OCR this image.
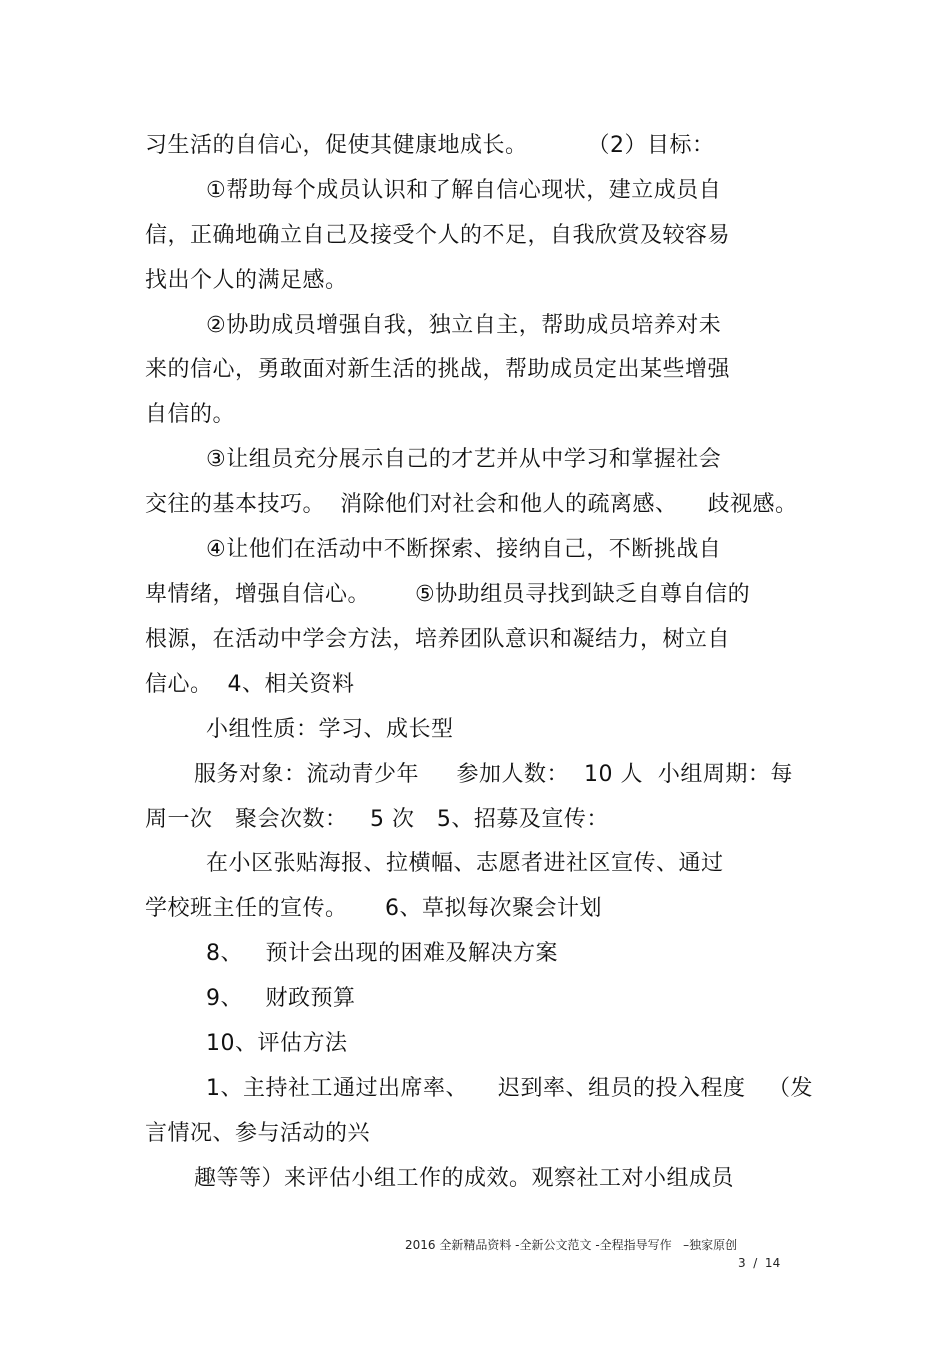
习生活的自信心，促使其健康地成长。        （2）目标：
①帮助每个成员认识和了解自信心现状，建立成员自
信，正确地确立自己及接受个人的不足，自我欣赏及较容易
找出个人的满足感。
②协助成员增强自我，独立自主，帮助成员培养对未
来的信心，勇敢面对新生活的挑战，帮助成员定出某些增强
自信的。
③让组员充分展示自己的才艺并从中学习和掌握社会
交往的基本技巧。  消除他们对社会和他人的疏离感、    歧视感。
④让他们在活动中不断探索、接纳自己，不断挑战自
卑情绪，增强自信心。      ⑤协助组员寻找到缺乏自尊自信的
根源，在活动中学会方法，培养团队意识和凝结力，树立自
信心。  4、相关资料
小组性质：学习、成长型
服务对象：流动青少年     参加人数：  10 人  小组周期：每
周一次   聚会次数：   5 次   5、招募及宣传：
在小区张贴海报、拉横幅、志愿者进社区宣传、通过
学校班主任的宣传。     6、草拟每次聚会计划
8、   预计会出现的困难及解决方案
9、   财政预算
10、评估方法
1、主持社工通过出席率、    迟到率、组员的投入程度   （发
言情况、参与活动的兴
趣等等）来评估小组工作的成效。观察社工对小组成员
2016 全新精品资料 -全新公文范文 -全程指导写作   –独家原创
3  /  14
